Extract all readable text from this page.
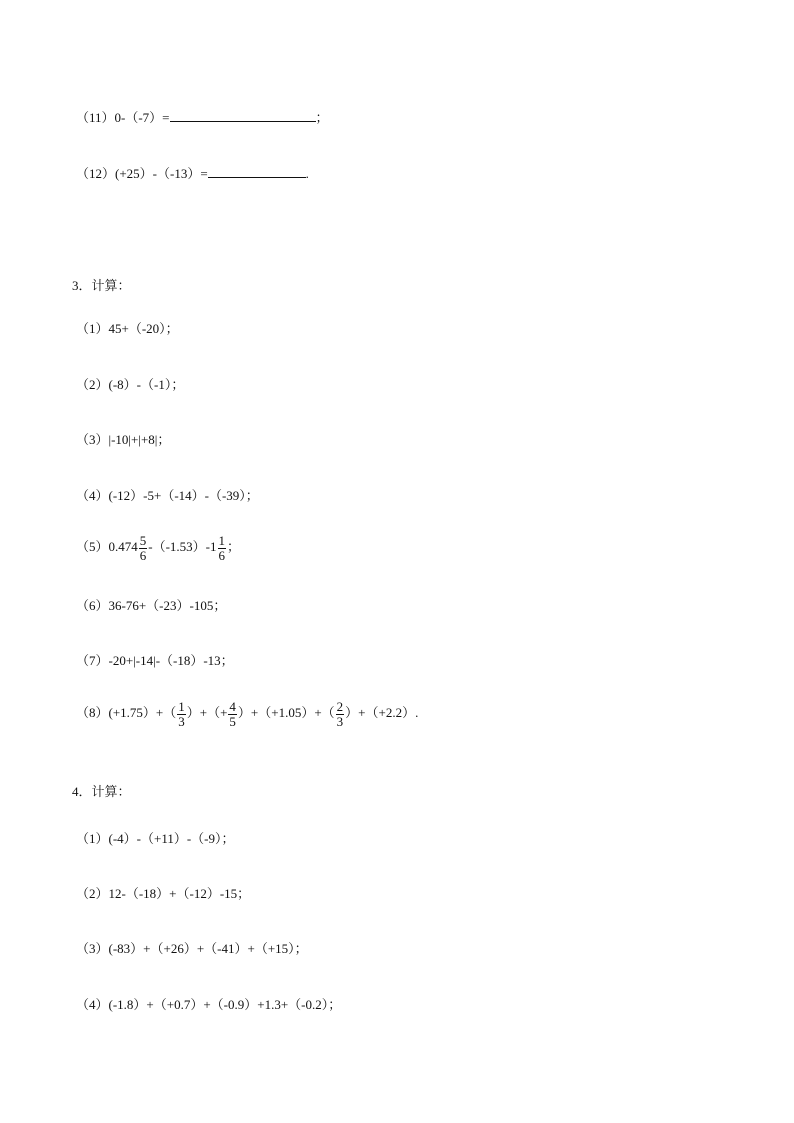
（11）0-（-7）=	；
（12）(+25）-（-13）=	.
3．计算：
（1）45+（-20）；
（2）(-8）-（-1）；
（3）|-10|+|+8|；
（4）(-12）-5+（-14）-（-39）；
$(5)0.474 \frac{5}{6} -(-1.53)-1 \frac{1}{6}$ ；
（6）36-76+（-23）-105；
（7）-20+|-14|-（-18）-13；
$(8)(+1.75)+( \frac{1}{3}$ ）+（+ $\frac{4}{5} )+(+1.05)+( \frac{2}{3} )+(+2.2)$.
4．计算：
（1）(-4）-（+11）-（-9）；
（2）12-（-18）+（-12）-15；
（3）(-83）+（+26）+（-41）+（+15）；
（4）(-1.8）+（+0.7）+（-0.9）+1.3+（-0.2）；
